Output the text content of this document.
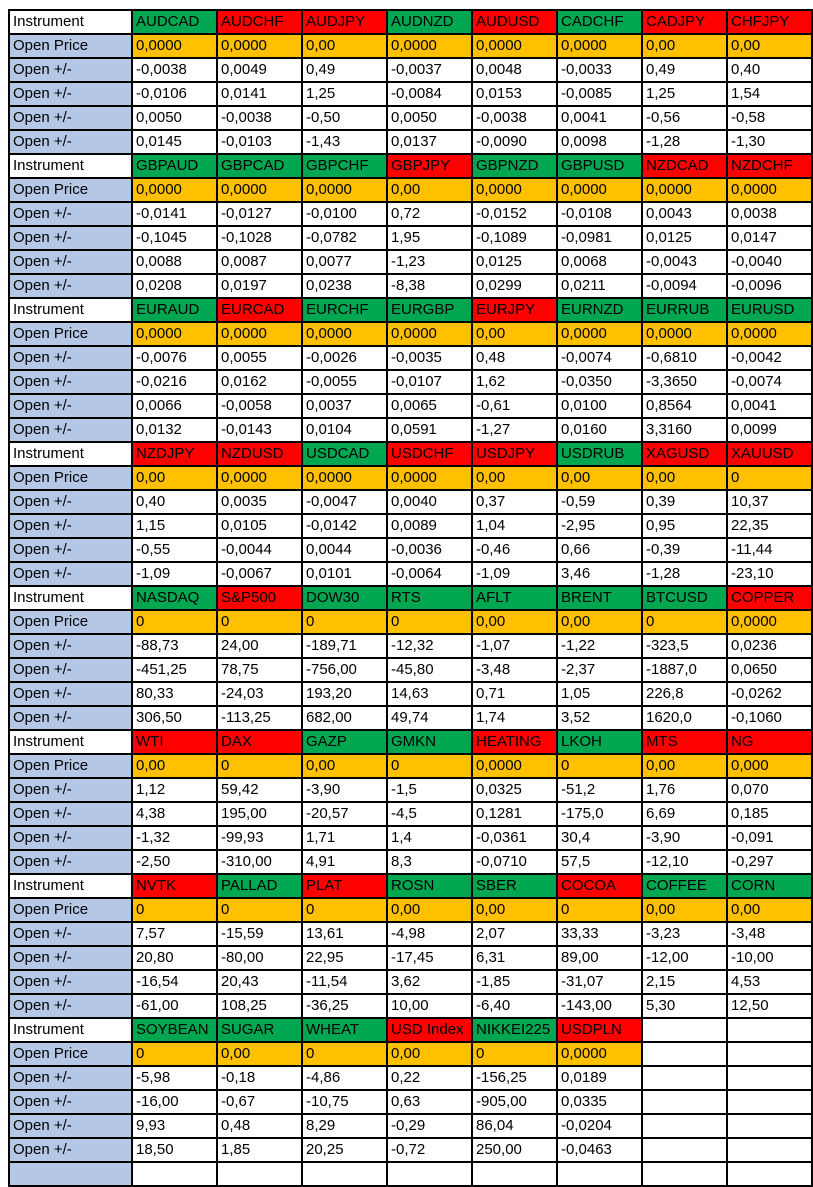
Instrument	AUDCAD	AUDCHF	AUDJPY	AUDNZD	AUDUSD	CADCHF	CADJPY	CHFJPY
Open Price	0,0000	0,0000	0,00	0,0000	0,0000	0,0000	0,00	0,00
Open +/-	-0,0038	0,0049	0,49	-0,0037	0,0048	-0,0033	0,49	0,40
Open +/-	-0,0106	0,0141	1,25	-0,0084	0,0153	-0,0085	1,25	1,54
Open +/-	0,0050	-0,0038	-0,50	0,0050	-0,0038	0,0041	-0,56	-0,58
Open +/-	0,0145	-0,0103	-1,43	0,0137	-0,0090	0,0098	-1,28	-1,30
Instrument	GBPAUD	GBPCAD	GBPCHF	GBPJPY	GBPNZD	GBPUSD	NZDCAD	NZDCHF
Open Price	0,0000	0,0000	0,0000	0,00	0,0000	0,0000	0,0000	0,0000
Open +/-	-0,0141	-0,0127	-0,0100	0,72	-0,0152	-0,0108	0,0043	0,0038
Open +/-	-0,1045	-0,1028	-0,0782	1,95	-0,1089	-0,0981	0,0125	0,0147
Open +/-	0,0088	0,0087	0,0077	-1,23	0,0125	0,0068	-0,0043	-0,0040
Open +/-	0,0208	0,0197	0,0238	-8,38	0,0299	0,0211	-0,0094	-0,0096
Instrument	EURAUD	EURCAD	EURCHF	EURGBP	EURJPY	EURNZD	EURRUB	EURUSD
Open Price	0,0000	0,0000	0,0000	0,0000	0,00	0,0000	0,0000	0,0000
Open +/-	-0,0076	0,0055	-0,0026	-0,0035	0,48	-0,0074	-0,6810	-0,0042
Open +/-	-0,0216	0,0162	-0,0055	-0,0107	1,62	-0,0350	-3,3650	-0,0074
Open +/-	0,0066	-0,0058	0,0037	0,0065	-0,61	0,0100	0,8564	0,0041
Open +/-	0,0132	-0,0143	0,0104	0,0591	-1,27	0,0160	3,3160	0,0099
Instrument	NZDJPY	NZDUSD	USDCAD	USDCHF	USDJPY	USDRUB	XAGUSD	XAUUSD
Open Price	0,00	0,0000	0,0000	0,0000	0,00	0,00	0,00	0
Open +/-	0,40	0,0035	-0,0047	0,0040	0,37	-0,59	0,39	10,37
Open +/-	1,15	0,0105	-0,0142	0,0089	1,04	-2,95	0,95	22,35
Open +/-	-0,55	-0,0044	0,0044	-0,0036	-0,46	0,66	-0,39	-11,44
Open +/-	-1,09	-0,0067	0,0101	-0,0064	-1,09	3,46	-1,28	-23,10
Instrument	NASDAQ	S&P500	DOW30	RTS	AFLT	BRENT	BTCUSD	COPPER
Open Price	0	0	0	0	0,00	0,00	0	0,0000
Open +/-	-88,73	24,00	-189,71	-12,32	-1,07	-1,22	-323,5	0,0236
Open +/-	-451,25	78,75	-756,00	-45,80	-3,48	-2,37	-1887,0	0,0650
Open +/-	80,33	-24,03	193,20	14,63	0,71	1,05	226,8	-0,0262
Open +/-	306,50	-113,25	682,00	49,74	1,74	3,52	1620,0	-0,1060
Instrument	WTI	DAX	GAZP	GMKN	HEATING	LKOH	MTS	NG
Open Price	0,00	0	0,00	0	0,0000	0	0,00	0,000
Open +/-	1,12	59,42	-3,90	-1,5	0,0325	-51,2	1,76	0,070
Open +/-	4,38	195,00	-20,57	-4,5	0,1281	-175,0	6,69	0,185
Open +/-	-1,32	-99,93	1,71	1,4	-0,0361	30,4	-3,90	-0,091
Open +/-	-2,50	-310,00	4,91	8,3	-0,0710	57,5	-12,10	-0,297
Instrument	NVTK	PALLAD	PLAT	ROSN	SBER	COCOA	COFFEE	CORN
Open Price	0	0	0	0,00	0,00	0	0,00	0,00
Open +/-	7,57	-15,59	13,61	-4,98	2,07	33,33	-3,23	-3,48
Open +/-	20,80	-80,00	22,95	-17,45	6,31	89,00	-12,00	-10,00
Open +/-	-16,54	20,43	-11,54	3,62	-1,85	-31,07	2,15	4,53
Open +/-	-61,00	108,25	-36,25	10,00	-6,40	-143,00	5,30	12,50
Instrument	SOYBEAN	SUGAR	WHEAT	USD Index	NIKKEI225	USDPLN		
Open Price	0	0,00	0	0,00	0	0,0000		
Open +/-	-5,98	-0,18	-4,86	0,22	-156,25	0,0189		
Open +/-	-16,00	-0,67	-10,75	0,63	-905,00	0,0335		
Open +/-	9,93	0,48	8,29	-0,29	86,04	-0,0204		
Open +/-	18,50	1,85	20,25	-0,72	250,00	-0,0463		
